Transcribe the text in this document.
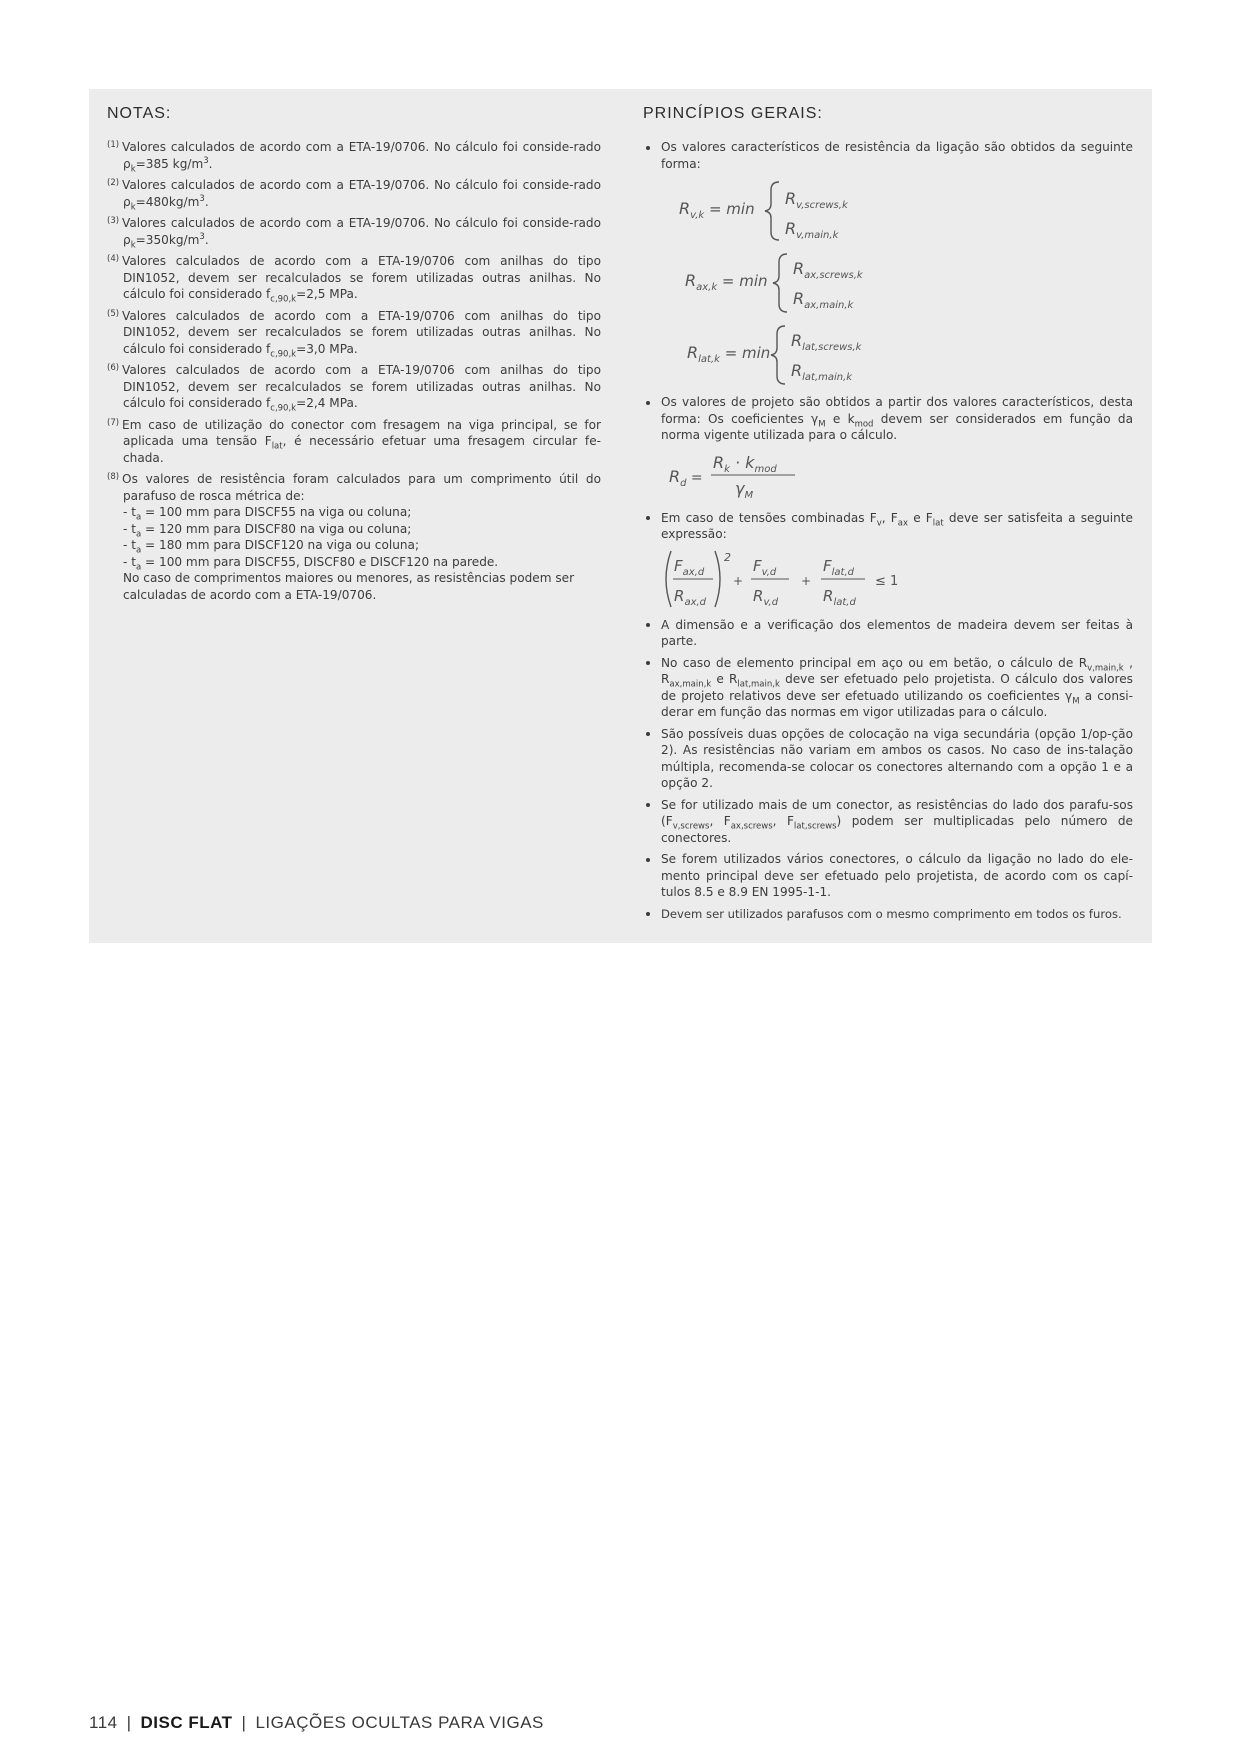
NOTAS:
$^{(1)}$ Valores calculados de acordo com a ETA-19/0706. No cálculo foi conside-rado $\rho_k=385$ $kg/m^3$.
$^{(2)}$ Valores calculados de acordo com a ETA-19/0706. No cálculo foi conside-rado $\rho_k=480kg/m^3$.
$^{(3)}$ Valores calculados de acordo com a ETA-19/0706. No cálculo foi conside-rado $\rho_k=350kg/m^3$.
$^{(4)}$ Valores calculados de acordo com a ETA-19/0706 com anilhas do tipo DIN1052, devem ser recalculados se forem utilizadas outras anilhas. No cálculo foi considerado $f_{c,90,k}=2,5$ MPa.
$^{(5)}$ Valores calculados de acordo com a ETA-19/0706 com anilhas do tipo DIN1052, devem ser recalculados se forem utilizadas outras anilhas. No cálculo foi considerado $f_{c,90,k}=3,0$ MPa.
$^{(6)}$ Valores calculados de acordo com a ETA-19/0706 com anilhas do tipo DIN1052, devem ser recalculados se forem utilizadas outras anilhas. No cálculo foi considerado $f_{c,90,k}=2,4$ MPa.
$^{(7)}$ Em caso de utilização do conector com fresagem na viga principal, se for aplicada uma tensão $F_{lat}$, é necessário efetuar uma fresagem circular fe-chada.
$^{(8)}$ Os valores de resistência foram calculados para um comprimento útil do parafuso de rosca métrica de:
- $t_a = 100$ mm para DISCF55 na viga ou coluna;
- $t_a = 120$ mm para DISCF80 na viga ou coluna;
- $t_a = 180$ mm para DISCF120 na viga ou coluna;
- $t_a = 100$ mm para DISCF55, DISCF80 e DISCF120 na parede.
No caso de comprimentos maiores ou menores, as resistências podem ser calculadas de acordo com a ETA-19/0706.
PRINCÍPIOS GERAIS:
Os valores característicos de resistência da ligação são obtidos da seguinte forma:
$R_{v,k} = \min$
$R_{v,screws,k}$
$R_{v,main,k}$
$R_{ax,k} = \min$
$R_{ax,screws,k}$
$R_{ax,main,k}$
$R_{lat,k} = \min$
$R_{lat,screws,k}$
$R_{lat,main,k}$
Os valores de projeto são obtidos a partir dos valores característicos, desta forma: Os coeficientes $\gamma_M$ e $k_{mod}$ devem ser considerados em função da norma vigente utilizada para o cálculo.
$R_d$ =
$R_k \cdot k_{mod}$
$\gamma_M$
Em caso de tensões combinadas $F_v$, $F_{ax}$ e $F_{lat}$ deve ser satisfeita a seguinte expressão:
$F_{ax,d}$
$R_{ax,d}$
2
+
$F_{v,d}$
$R_{v,d}$
+
$F_{lat,d}$
$R_{lat,d}$
≤ 1
A dimensão e a verificação dos elementos de madeira devem ser feitas à parte.
No caso de elemento principal em aço ou em betão, o cálculo de $R_{v,main,k}$ , $R_{ax,main,k}$ e $R_{lat,main,k}$ deve ser efetuado pelo projetista. O cálculo dos valores de projeto relativos deve ser efetuado utilizando os coeficientes $\gamma_M$ a consi-derar em função das normas em vigor utilizadas para o cálculo.
São possíveis duas opções de colocação na viga secundária (opção 1/op-ção 2). As resistências não variam em ambos os casos. No caso de ins-talação múltipla, recomenda-se colocar os conectores alternando com a opção 1 e a opção 2.
Se for utilizado mais de um conector, as resistências do lado dos parafu-sos ($F_{v,screws}$, $F_{ax,screws}$, $F_{lat,screws}$) podem ser multiplicadas pelo número de conectores.
Se forem utilizados vários conectores, o cálculo da ligação no lado do ele-mento principal deve ser efetuado pelo projetista, de acordo com os capí-tulos 8.5 e 8.9 EN 1995-1-1.
Devem ser utilizados parafusos com o mesmo comprimento em todos os furos.
114 | DISC FLAT | LIGAÇÕES OCULTAS PARA VIGAS
